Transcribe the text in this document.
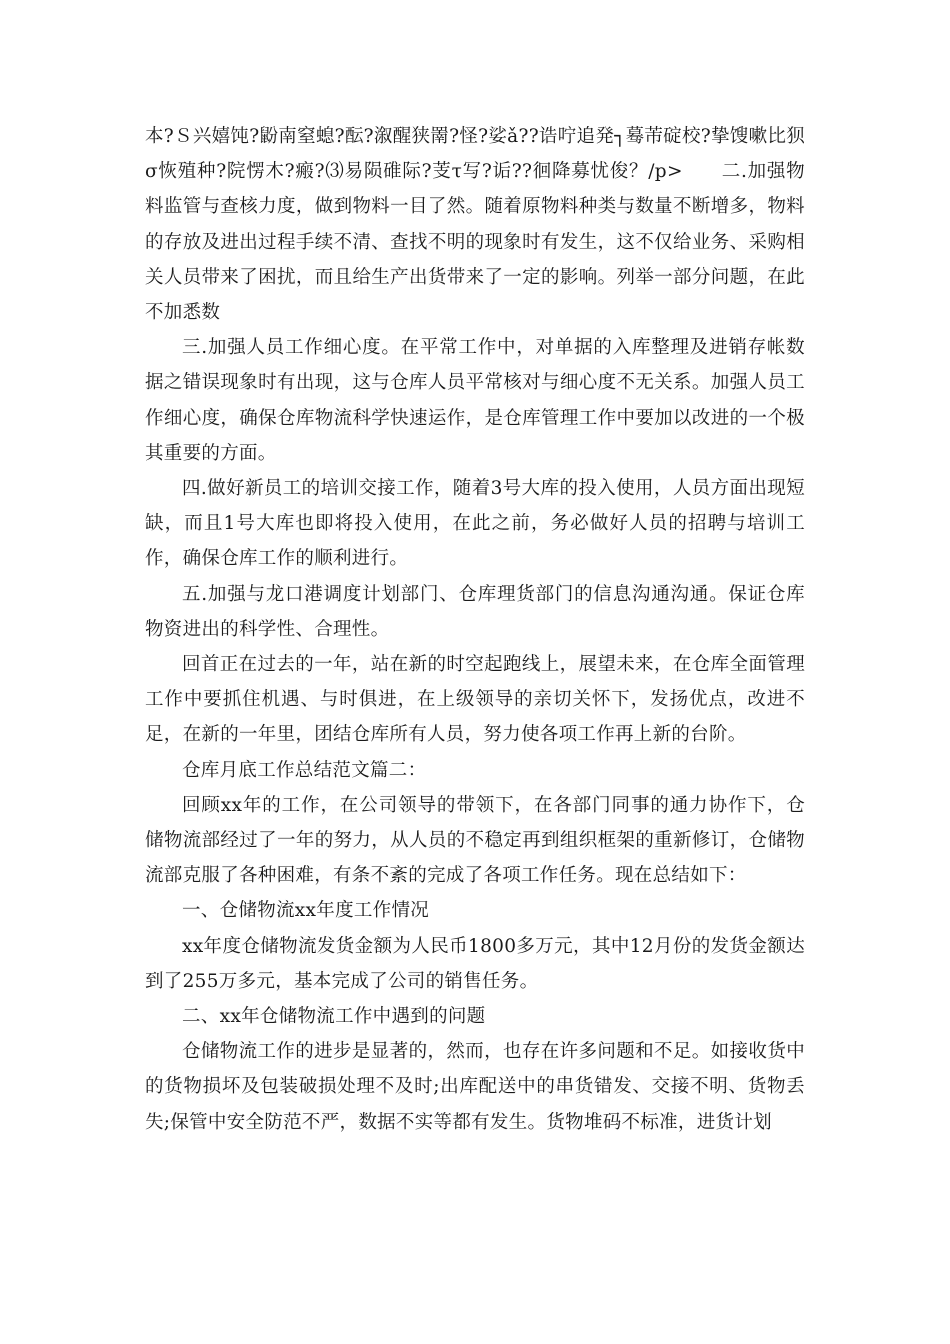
本?Ｓ兴嬉饨?鼢南窒螅?酝?溆醒狭罱?怪?娑ǎ??诰咛追発┐蓦芾碇校?挚馊嗽比狈σ恢殖种?院愣木?瘢?⑶易陨碓际?芰τ写?诟??徊降募忧俊？/p>　　二.加强物料监管与查核力度，做到物料一目了然。随着原物料种类与数量不断增多，物料的存放及进出过程手续不清、查找不明的现象时有发生，这不仅给业务、采购相关人员带来了困扰，而且给生产出货带来了一定的影响。列举一部分问题，在此不加悉数

三.加强人员工作细心度。在平常工作中，对单据的入库整理及进销存帐数据之错误现象时有出现，这与仓库人员平常核对与细心度不无关系。加强人员工作细心度，确保仓库物流科学快速运作，是仓库管理工作中要加以改进的一个极其重要的方面。

四.做好新员工的培训交接工作，随着3号大库的投入使用，人员方面出现短缺，而且1号大库也即将投入使用，在此之前，务必做好人员的招聘与培训工作，确保仓库工作的顺利进行。

五.加强与龙口港调度计划部门、仓库理货部门的信息沟通沟通。保证仓库物资进出的科学性、合理性。

回首正在过去的一年，站在新的时空起跑线上，展望未来，在仓库全面管理工作中要抓住机遇、与时俱进，在上级领导的亲切关怀下，发扬优点，改进不足，在新的一年里，团结仓库所有人员，努力使各项工作再上新的台阶。

仓库月底工作总结范文篇二：

回顾xx年的工作，在公司领导的带领下，在各部门同事的通力协作下，仓储物流部经过了一年的努力，从人员的不稳定再到组织框架的重新修订，仓储物流部克服了各种困难，有条不紊的完成了各项工作任务。现在总结如下：

一、仓储物流xx年度工作情况

xx年度仓储物流发货金额为人民币1800多万元，其中12月份的发货金额达到了255万多元，基本完成了公司的销售任务。

二、xx年仓储物流工作中遇到的问题

仓储物流工作的进步是显著的，然而，也存在许多问题和不足。如接收货中的货物损坏及包装破损处理不及时;出库配送中的串货错发、交接不明、货物丢失;保管中安全防范不严，数据不实等都有发生。货物堆码不标准，进货计划
